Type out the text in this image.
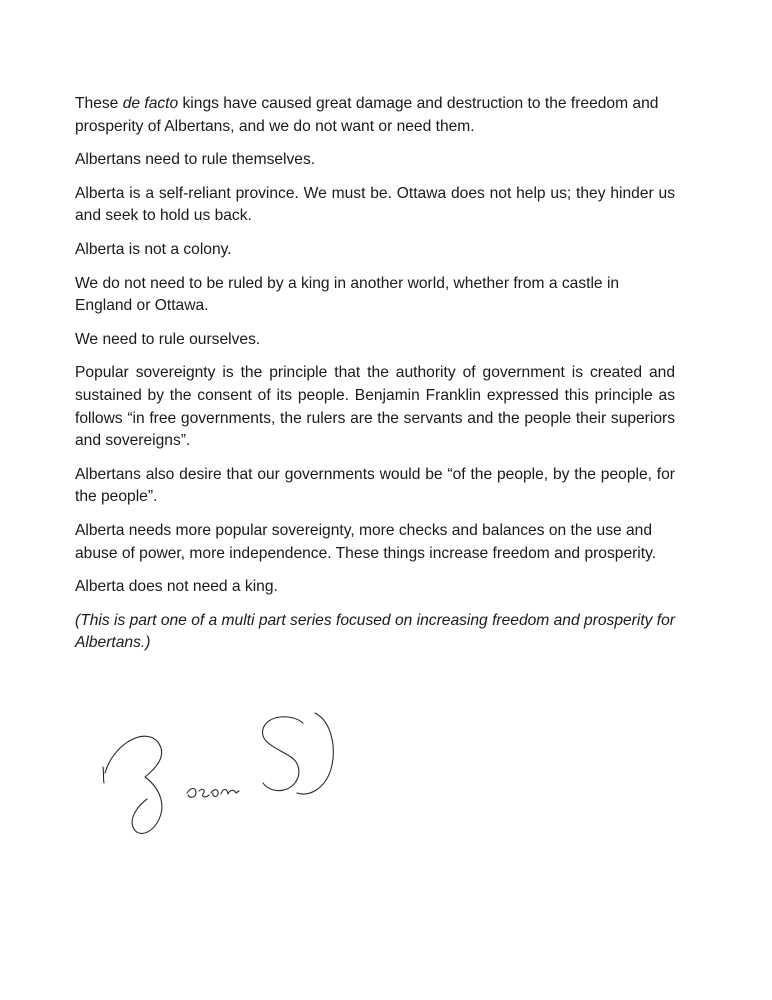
These de facto kings have caused great damage and destruction to the freedom and prosperity of Albertans, and we do not want or need them.

Albertans need to rule themselves.

Alberta is a self-reliant province. We must be. Ottawa does not help us; they hinder us and seek to hold us back.

Alberta is not a colony.

We do not need to be ruled by a king in another world, whether from a castle in England or Ottawa.

We need to rule ourselves.

Popular sovereignty is the principle that the authority of government is created and sustained by the consent of its people. Benjamin Franklin expressed this principle as follows “in free governments, the rulers are the servants and the people their superiors and sovereigns”.

Albertans also desire that our governments would be “of the people, by the people, for the people”.

Alberta needs more popular sovereignty, more checks and balances on the use and abuse of power, more independence. These things increase freedom and prosperity.

Alberta does not need a king.

(This is part one of a multi part series focused on increasing freedom and prosperity for Albertans.)
